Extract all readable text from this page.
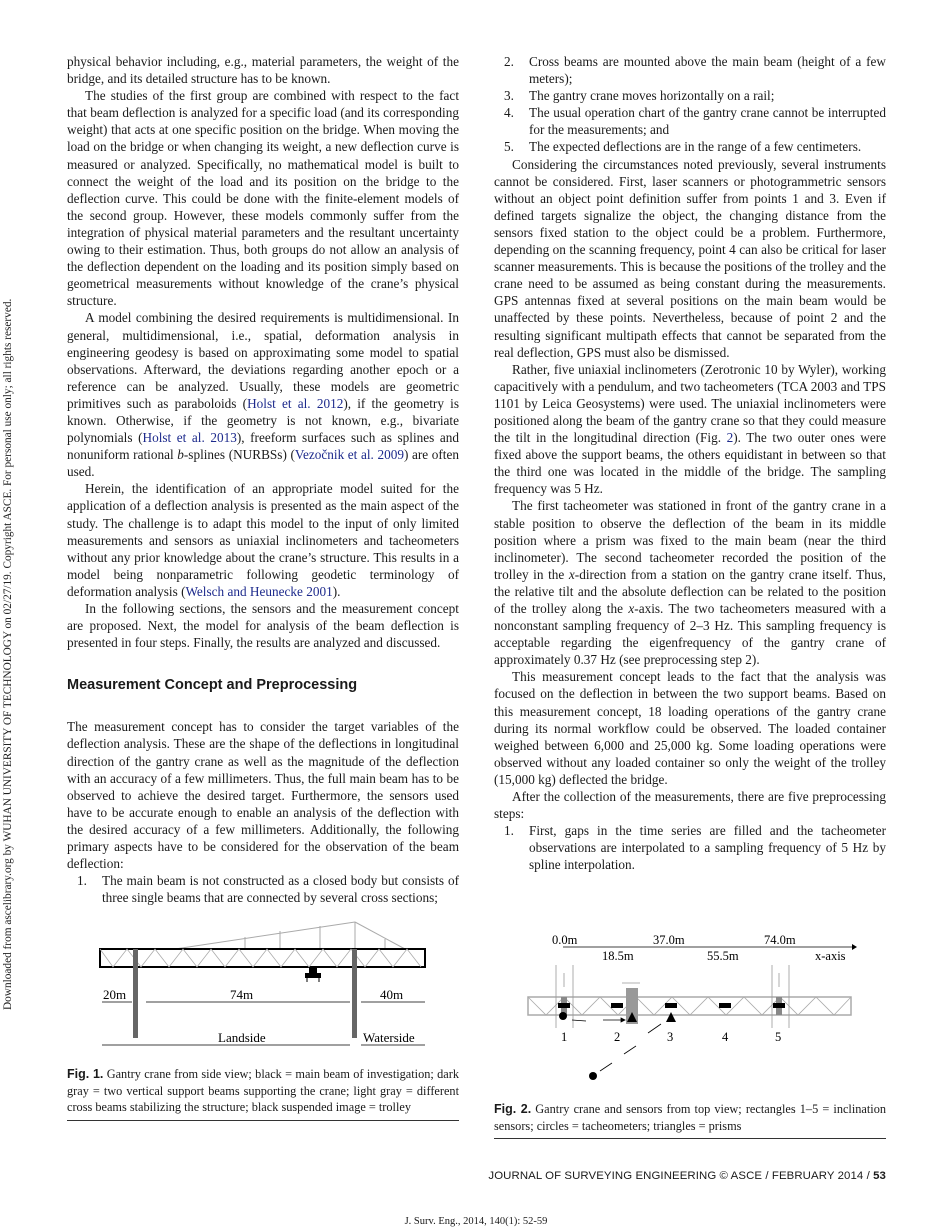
Downloaded from ascelibrary.org by WUHAN UNIVERSITY OF TECHNOLOGY on 02/27/19. Copyright ASCE. For personal use only; all rights reserved.

physical behavior including, e.g., material parameters, the weight of the bridge, and its detailed structure has to be known.

The studies of the first group are combined with respect to the fact that beam deflection is analyzed for a specific load (and its corresponding weight) that acts at one specific position on the bridge. When moving the load on the bridge or when changing its weight, a new deflection curve is measured or analyzed. Specifically, no mathematical model is built to connect the weight of the load and its position on the bridge to the deflection curve. This could be done with the finite-element models of the second group. However, these models commonly suffer from the integration of physical material parameters and the resultant uncertainty owing to their estimation. Thus, both groups do not allow an analysis of the deflection dependent on the loading and its position simply based on geometrical measurements without knowledge of the crane’s physical structure.

A model combining the desired requirements is multidimensional. In general, multidimensional, i.e., spatial, deformation analysis in engineering geodesy is based on approximating some model to spatial observations. Afterward, the deviations regarding another epoch or a reference can be analyzed. Usually, these models are geometric primitives such as paraboloids (Holst et al. 2012), if the geometry is known. Otherwise, if the geometry is not known, e.g., bivariate polynomials (Holst et al. 2013), freeform surfaces such as splines and nonuniform rational b-splines (NURBSs) (Vezočnik et al. 2009) are often used.

Herein, the identification of an appropriate model suited for the application of a deflection analysis is presented as the main aspect of the study. The challenge is to adapt this model to the input of only limited measurements and sensors as uniaxial inclinometers and tacheometers without any prior knowledge about the crane’s structure. This results in a model being nonparametric following geodetic terminology of deformation analysis (Welsch and Heunecke 2001).

In the following sections, the sensors and the measurement concept are proposed. Next, the model for analysis of the beam deflection is presented in four steps. Finally, the results are analyzed and discussed.

Measurement Concept and Preprocessing

The measurement concept has to consider the target variables of the deflection analysis. These are the shape of the deflections in longitudinal direction of the gantry crane as well as the magnitude of the deflection with an accuracy of a few millimeters. Thus, the full main beam has to be observed to achieve the desired target. Furthermore, the sensors used have to be accurate enough to enable an analysis of the deflection with the desired accuracy of a few millimeters. Additionally, the following primary aspects have to be considered for the observation of the beam deflection:

1. The main beam is not constructed as a closed body but consists of three single beams that are connected by several cross sections;
20m	74m	40m
Landside	Waterside
Fig. 1. Gantry crane from side view; black = main beam of investigation; dark gray = two vertical support beams supporting the crane; light gray = different cross beams stabilizing the structure; black suspended image = trolley
2. Cross beams are mounted above the main beam (height of a few meters);
3. The gantry crane moves horizontally on a rail;
4. The usual operation chart of the gantry crane cannot be interrupted for the measurements; and
5. The expected deflections are in the range of a few centimeters.

Considering the circumstances noted previously, several instruments cannot be considered. First, laser scanners or photogrammetric sensors without an object point definition suffer from points 1 and 3. Even if defined targets signalize the object, the changing distance from the sensors fixed station to the object could be a problem. Furthermore, depending on the scanning frequency, point 4 can also be critical for laser scanner measurements. This is because the positions of the trolley and the crane need to be assumed as being constant during the measurements. GPS antennas fixed at several positions on the main beam would be unaffected by these points. Nevertheless, because of point 2 and the resulting significant multipath effects that cannot be separated from the real deflection, GPS must also be dismissed.

Rather, five uniaxial inclinometers (Zerotronic 10 by Wyler), working capacitively with a pendulum, and two tacheometers (TCA 2003 and TPS 1101 by Leica Geosystems) were used. The uniaxial inclinometers were positioned along the beam of the gantry crane so that they could measure the tilt in the longitudinal direction (Fig. 2). The two outer ones were fixed above the support beams, the others equidistant in between so that the third one was located in the middle of the bridge. The sampling frequency was 5 Hz.

The first tacheometer was stationed in front of the gantry crane in a stable position to observe the deflection of the beam in its middle position where a prism was fixed to the main beam (near the third inclinometer). The second tacheometer recorded the position of the trolley in the x-direction from a station on the gantry crane itself. Thus, the relative tilt and the absolute deflection can be related to the position of the trolley along the x-axis. The two tacheometers measured with a nonconstant sampling frequency of 2–3 Hz. This sampling frequency is acceptable regarding the eigenfrequency of the gantry crane of approximately 0.37 Hz (see preprocessing step 2).

This measurement concept leads to the fact that the analysis was focused on the deflection in between the two support beams. Based on this measurement concept, 18 loading operations of the gantry crane during its normal workflow could be observed. The loaded container weighed between 6,000 and 25,000 kg. Some loading operations were observed without any loaded container so only the weight of the trolley (15,000 kg) deflected the bridge.

After the collection of the measurements, there are five preprocessing steps:

1. First, gaps in the time series are filled and the tacheometer observations are interpolated to a sampling frequency of 5 Hz by spline interpolation.
0.0m	37.0m	74.0m
18.5m	55.5m	x-axis
1	2	3	4	5
Fig. 2. Gantry crane and sensors from top view; rectangles 1–5 = inclination sensors; circles = tacheometers; triangles = prisms
JOURNAL OF SURVEYING ENGINEERING © ASCE / FEBRUARY 2014 / 53
J. Surv. Eng., 2014, 140(1): 52-59
